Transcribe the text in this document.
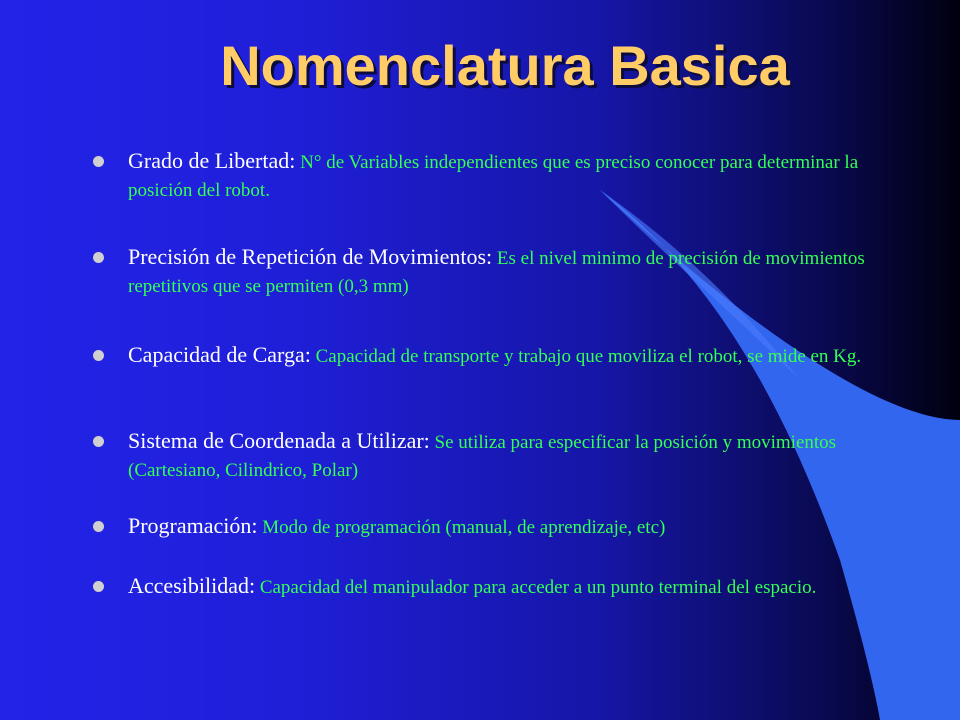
Nomenclatura Basica
Grado de Libertad: N° de Variables independientes que es preciso conocer para determinar la posición del robot.
Precisión de Repetición de Movimientos: Es el nivel minimo de precisión de movimientos repetitivos que se permiten (0,3 mm)
Capacidad de Carga: Capacidad de transporte y trabajo que moviliza el robot, se mide en Kg.
Sistema de Coordenada a Utilizar: Se utiliza para especificar la posición y movimientos (Cartesiano, Cilindrico, Polar)
Programación: Modo de programación (manual, de aprendizaje, etc)
Accesibilidad: Capacidad del manipulador para acceder a un punto terminal del espacio.
